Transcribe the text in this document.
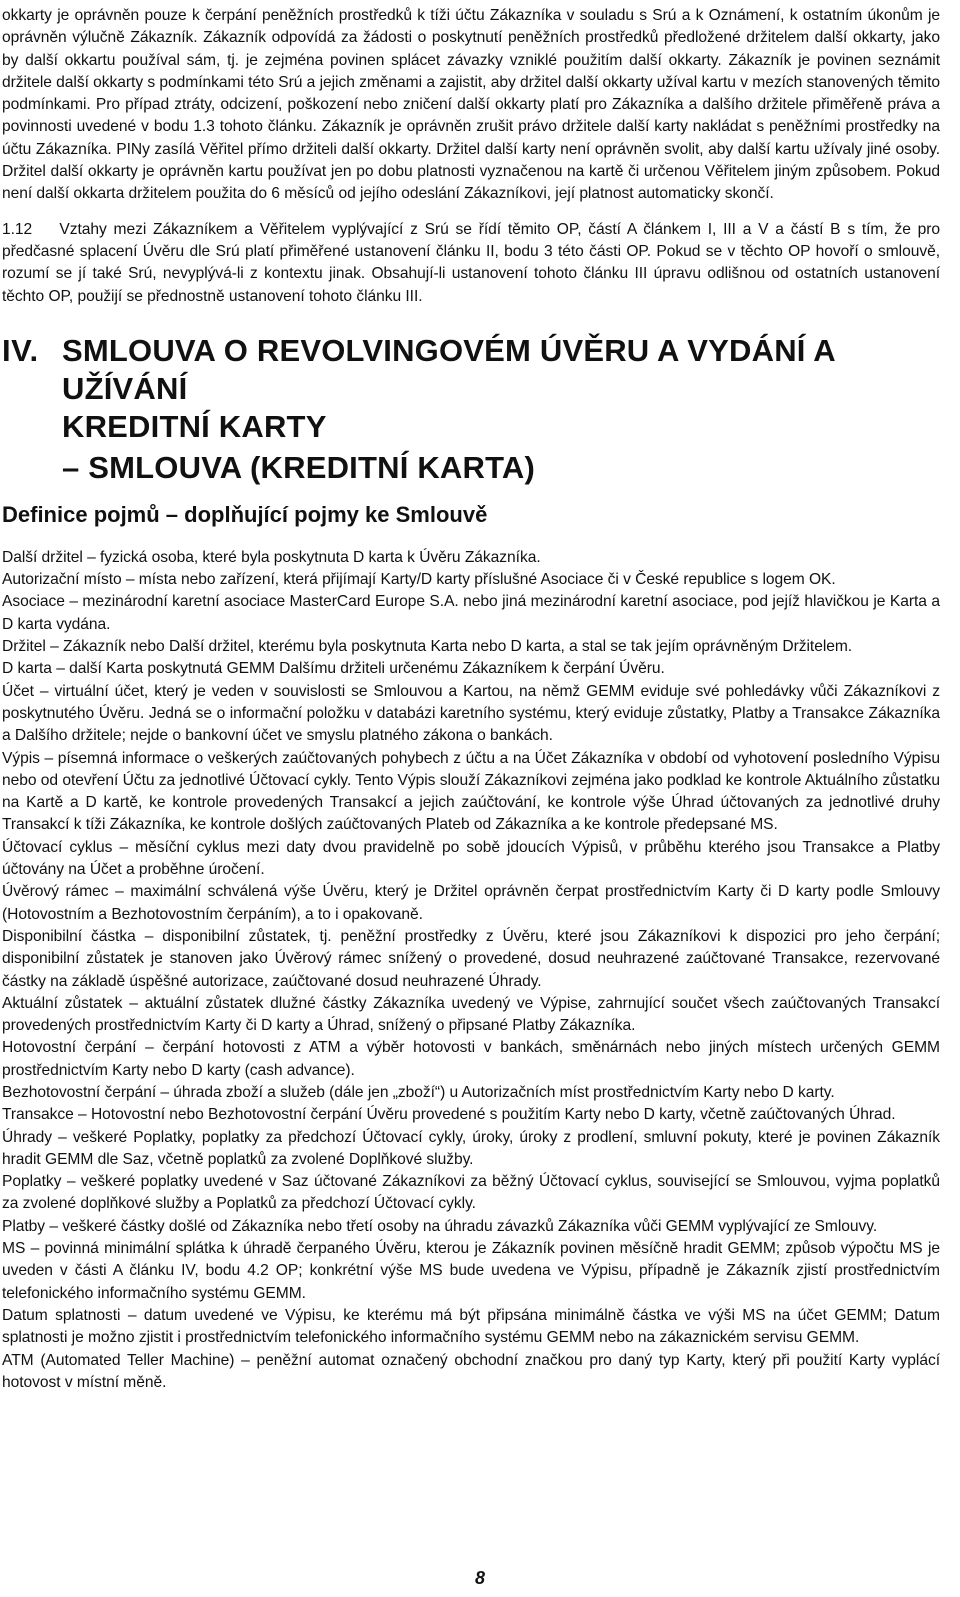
okkarty je oprávněn pouze k čerpání peněžních prostředků k tíži účtu Zákazníka v souladu s Srú a k Oznámení, k ostatním úkonům je oprávněn výlučně Zákazník. Zákazník odpovídá za žádosti o poskytnutí peněžních prostředků předložené držitelem další okkarty, jako by další okkartu používal sám, tj. je zejména povinen splácet závazky vzniklé použitím další okkarty. Zákazník je povinen seznámit držitele další okkarty s podmínkami této Srú a jejich změnami a zajistit, aby držitel další okkarty užíval kartu v mezích stanovených těmito podmínkami. Pro případ ztráty, odcizení, poškození nebo zničení další okkarty platí pro Zákazníka a dalšího držitele přiměřeně práva a povinnosti uvedené v bodu 1.3 tohoto článku. Zákazník je oprávněn zrušit právo držitele další karty nakládat s peněžními prostředky na účtu Zákazníka. PINy zasílá Věřitel přímo držiteli další okkarty. Držitel další karty není oprávněn svolit, aby další kartu užívaly jiné osoby. Držitel další okkarty je oprávněn kartu používat jen po dobu platnosti vyznačenou na kartě či určenou Věřitelem jiným způsobem. Pokud není další okkarta držitelem použita do 6 měsíců od jejího odeslání Zákazníkovi, její platnost automaticky skončí.

1.12 Vztahy mezi Zákazníkem a Věřitelem vyplývající z Srú se řídí těmito OP, částí A článkem I, III a V a částí B s tím, že pro předčasné splacení Úvěru dle Srú platí přiměřené ustanovení článku II, bodu 3 této části OP. Pokud se v těchto OP hovoří o smlouvě, rozumí se jí také Srú, nevyplývá-li z kontextu jinak. Obsahují-li ustanovení tohoto článku III úpravu odlišnou od ostatních ustanovení těchto OP, použijí se přednostně ustanovení tohoto článku III.

IV. SMLOUVA O REVOLVINGOVÉM ÚVĚRU A VYDÁNÍ A UŽÍVÁNÍ
KREDITNÍ KARTY
– SMLOUVA (KREDITNÍ KARTA)
Definice pojmů – doplňující pojmy ke Smlouvě

Další držitel – fyzická osoba, které byla poskytnuta D karta k Úvěru Zákazníka.

Autorizační místo – místa nebo zařízení, která přijímají Karty/D karty příslušné Asociace či v České republice s logem OK.

Asociace – mezinárodní karetní asociace MasterCard Europe S.A. nebo jiná mezinárodní karetní asociace, pod jejíž hlavičkou je Karta a D karta vydána.

Držitel – Zákazník nebo Další držitel, kterému byla poskytnuta Karta nebo D karta, a stal se tak jejím oprávněným Držitelem.

D karta – další Karta poskytnutá GEMM Dalšímu držiteli určenému Zákazníkem k čerpání Úvěru.

Účet – virtuální účet, který je veden v souvislosti se Smlouvou a Kartou, na němž GEMM eviduje své pohledávky vůči Zákazníkovi z poskytnutého Úvěru. Jedná se o informační položku v databázi karetního systému, který eviduje zůstatky, Platby a Transakce Zákazníka a Dalšího držitele; nejde o bankovní účet ve smyslu platného zákona o bankách.

Výpis – písemná informace o veškerých zaúčtovaných pohybech z účtu a na Účet Zákazníka v období od vyhotovení posledního Výpisu nebo od otevření Účtu za jednotlivé Účtovací cykly. Tento Výpis slouží Zákazníkovi zejména jako podklad ke kontrole Aktuálního zůstatku na Kartě a D kartě, ke kontrole provedených Transakcí a jejich zaúčtování, ke kontrole výše Úhrad účtovaných za jednotlivé druhy Transakcí k tíži Zákazníka, ke kontrole došlých zaúčtovaných Plateb od Zákazníka a ke kontrole předepsané MS.

Účtovací cyklus – měsíční cyklus mezi daty dvou pravidelně po sobě jdoucích Výpisů, v průběhu kterého jsou Transakce a Platby účtovány na Účet a proběhne úročení.

Úvěrový rámec – maximální schválená výše Úvěru, který je Držitel oprávněn čerpat prostřednictvím Karty či D karty podle Smlouvy (Hotovostním a Bezhotovostním čerpáním), a to i opakovaně.

Disponibilní částka – disponibilní zůstatek, tj. peněžní prostředky z Úvěru, které jsou Zákazníkovi k dispozici pro jeho čerpání; disponibilní zůstatek je stanoven jako Úvěrový rámec snížený o provedené, dosud neuhrazené zaúčtované Transakce, rezervované částky na základě úspěšné autorizace, zaúčtované dosud neuhrazené Úhrady.

Aktuální zůstatek – aktuální zůstatek dlužné částky Zákazníka uvedený ve Výpise, zahrnující součet všech zaúčtovaných Transakcí provedených prostřednictvím Karty či D karty a Úhrad, snížený o připsané Platby Zákazníka.

Hotovostní čerpání – čerpání hotovosti z ATM a výběr hotovosti v bankách, směnárnách nebo jiných místech určených GEMM prostřednictvím Karty nebo D karty (cash advance).

Bezhotovostní čerpání – úhrada zboží a služeb (dále jen „zboží“) u Autorizačních míst prostřednictvím Karty nebo D karty.

Transakce – Hotovostní nebo Bezhotovostní čerpání Úvěru provedené s použitím Karty nebo D karty, včetně zaúčtovaných Úhrad.

Úhrady – veškeré Poplatky, poplatky za předchozí Účtovací cykly, úroky, úroky z prodlení, smluvní pokuty, které je povinen Zákazník hradit GEMM dle Saz, včetně poplatků za zvolené Doplňkové služby.

Poplatky – veškeré poplatky uvedené v Saz účtované Zákazníkovi za běžný Účtovací cyklus, související se Smlouvou, vyjma poplatků za zvolené doplňkové služby a Poplatků za předchozí Účtovací cykly.

Platby – veškeré částky došlé od Zákazníka nebo třetí osoby na úhradu závazků Zákazníka vůči GEMM vyplývající ze Smlouvy.

MS – povinná minimální splátka k úhradě čerpaného Úvěru, kterou je Zákazník povinen měsíčně hradit GEMM; způsob výpočtu MS je uveden v části A článku IV, bodu 4.2 OP; konkrétní výše MS bude uvedena ve Výpisu, případně je Zákazník zjistí prostřednictvím telefonického informačního systému GEMM.

Datum splatnosti – datum uvedené ve Výpisu, ke kterému má být připsána minimálně částka ve výši MS na účet GEMM; Datum splatnosti je možno zjistit i prostřednictvím telefonického informačního systému GEMM nebo na zákaznickém servisu GEMM.

ATM (Automated Teller Machine) – peněžní automat označený obchodní značkou pro daný typ Karty, který při použití Karty vyplácí hotovost v místní měně.

8
